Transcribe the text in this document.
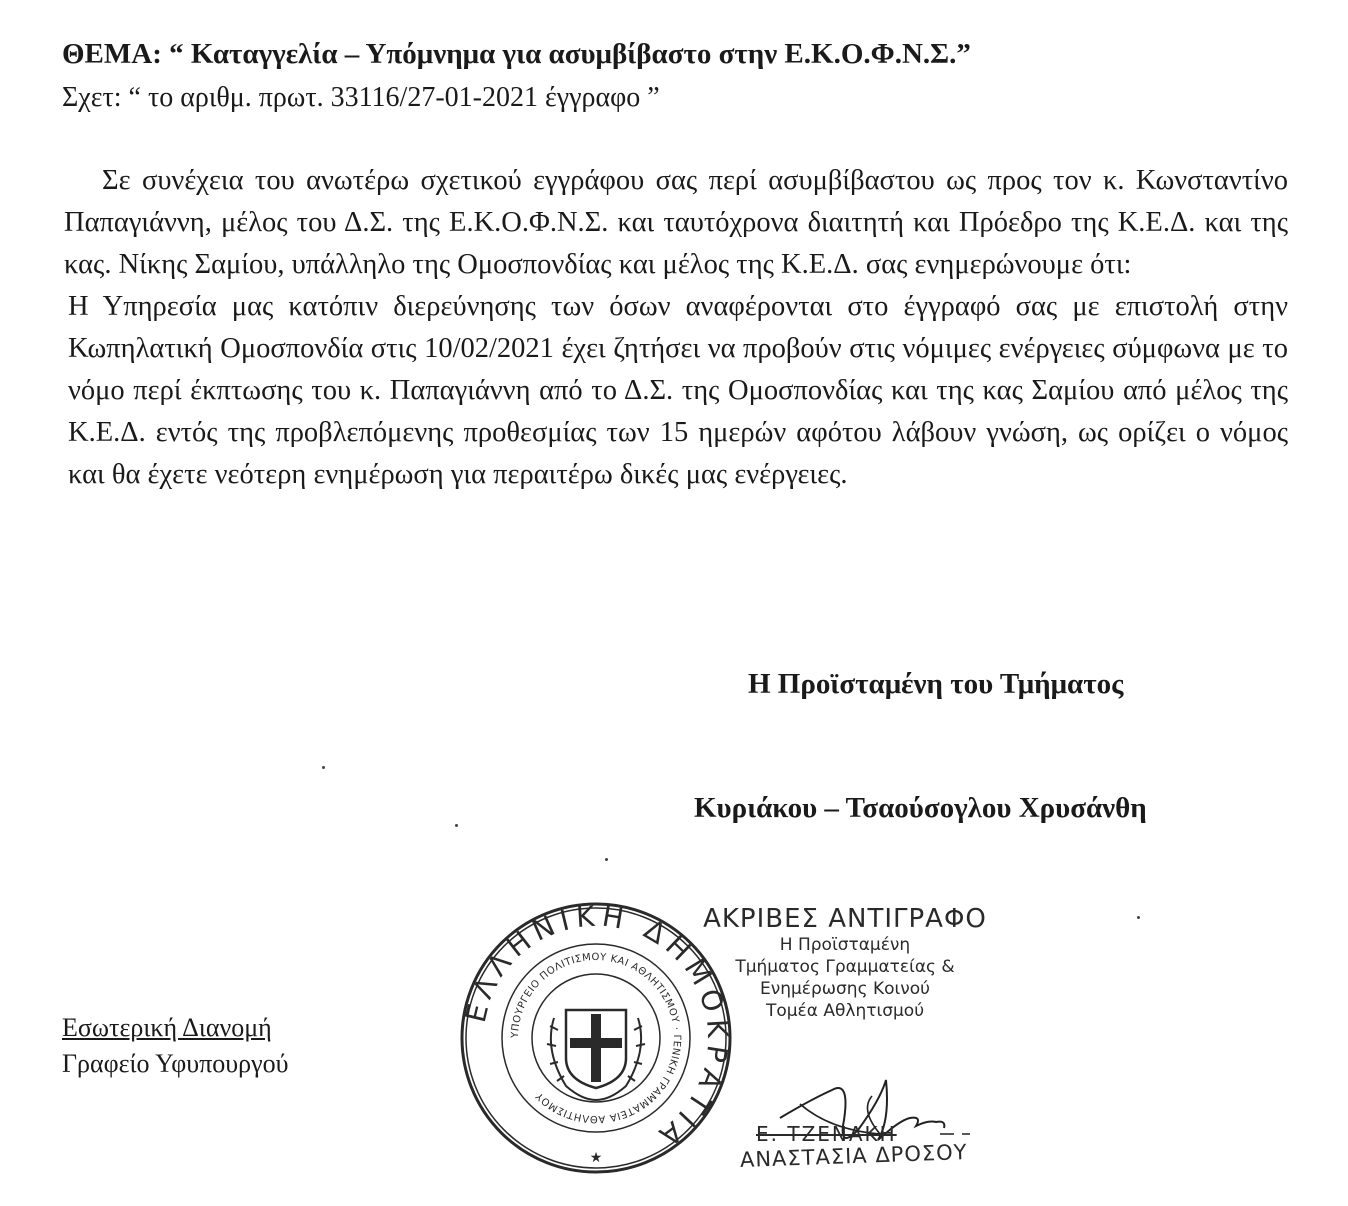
ΘΕΜΑ: “ Καταγγελία – Υπόμνημα για ασυμβίβαστο στην Ε.Κ.Ο.Φ.Ν.Σ.”
Σχετ: “ το αριθμ. πρωτ. 33116/27-01-2021 έγγραφο ”

Σε συνέχεια του ανωτέρω σχετικού εγγράφου σας περί ασυμβίβαστου ως προς τον κ. Κωνσταντίνο Παπαγιάννη, μέλος του Δ.Σ. της Ε.Κ.Ο.Φ.Ν.Σ. και ταυτόχρονα διαιτητή και Πρόεδρο της Κ.Ε.Δ. και της κας. Νίκης Σαμίου, υπάλληλο της Ομοσπονδίας και μέλος της Κ.Ε.Δ. σας ενημερώνουμε ότι:

Η Υπηρεσία μας κατόπιν διερεύνησης των όσων αναφέρονται στο έγγραφό σας με επιστολή στην Κωπηλατική Ομοσπονδία στις 10/02/2021 έχει ζητήσει να προβούν στις νόμιμες ενέργειες σύμφωνα με το νόμο περί έκπτωσης του κ. Παπαγιάννη από το Δ.Σ. της Ομοσπονδίας και της κας Σαμίου από μέλος της Κ.Ε.Δ. εντός της προβλεπόμενης προθεσμίας των 15 ημερών αφότου λάβουν γνώση, ως ορίζει ο νόμος και θα έχετε νεότερη ενημέρωση για περαιτέρω δικές μας ενέργειες.

Η Προϊσταμένη του Τμήματος
Κυριάκου – Τσαούσογλου Χρυσάνθη
Εσωτερική Διανομή
Γραφείο Υφυπουργού
ΕΛΛΗΝΙΚΗ ΔΗΜΟΚΡΑΤΙΑ
ΥΠΟΥΡΓΕΙΟ ΠΟΛΙΤΙΣΜΟΥ ΚΑΙ ΑΘΛΗΤΙΣΜΟΥ · ΓΕΝΙΚΗ ΓΡΑΜΜΑΤΕΙΑ ΑΘΛΗΤΙΣΜΟΥ
★
ΑΚΡΙΒΕΣ ΑΝΤΙΓΡΑΦΟ
Η Προϊσταμένη
Τμήματος Γραμματείας &
Ενημέρωσης Κοινού
Τομέα Αθλητισμού
Ε. ΤΖΕΝΑΚΗ
ΑΝΑΣΤΑΣΙΑ ΔΡΟΣΟΥ
